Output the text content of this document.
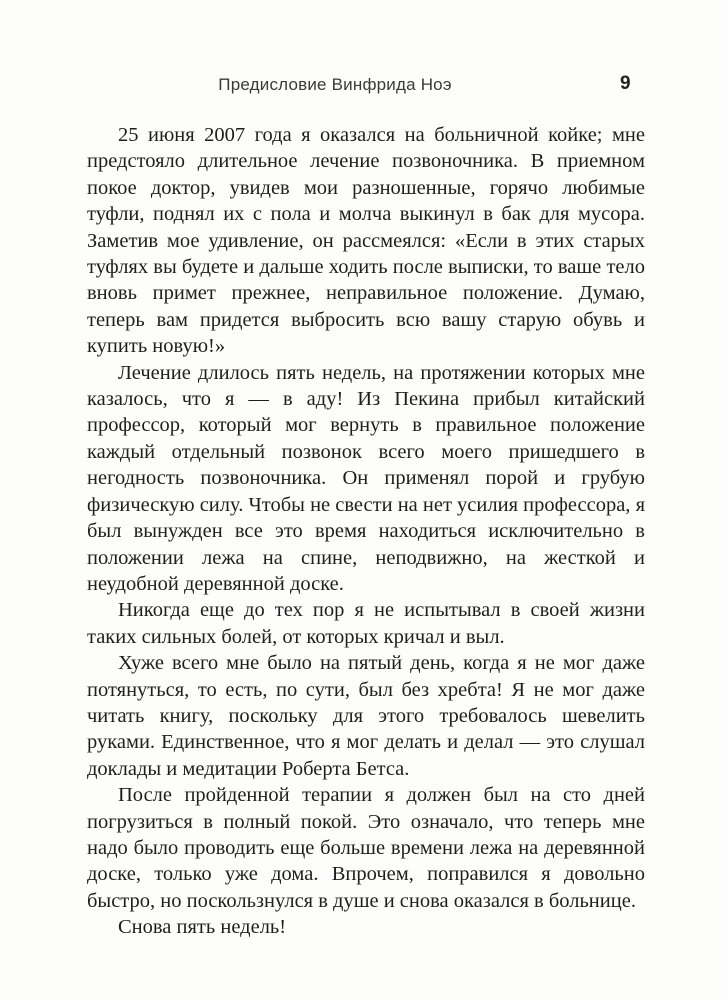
Предисловие Винфрида Ноэ	9

25 июня 2007 года я оказался на больничной койке; мне предстояло длительное лечение позвоночника. В приемном покое доктор, увидев мои разношенные, горячо любимые туфли, поднял их с пола и молча выкинул в бак для мусора. Заметив мое удивление, он рассмеялся: «Если в этих старых туфлях вы будете и дальше ходить после выписки, то ваше тело вновь примет прежнее, неправильное положение. Думаю, теперь вам придется выбросить всю вашу старую обувь и купить новую!»

Лечение длилось пять недель, на протяжении которых мне казалось, что я — в аду! Из Пекина прибыл китайский профессор, который мог вернуть в правильное положение каждый отдельный позвонок всего моего пришедшего в негодность позвоночника. Он применял порой и грубую физическую силу. Чтобы не свести на нет усилия профессора, я был вынужден все это время находиться исключительно в положении лежа на спине, неподвижно, на жесткой и неудобной деревянной доске.

Никогда еще до тех пор я не испытывал в своей жизни таких сильных болей, от которых кричал и выл.

Хуже всего мне было на пятый день, когда я не мог даже потянуться, то есть, по сути, был без хребта! Я не мог даже читать книгу, поскольку для этого требовалось шевелить руками. Единственное, что я мог делать и делал — это слушал доклады и медитации Роберта Бетса.

После пройденной терапии я должен был на сто дней погрузиться в полный покой. Это означало, что теперь мне надо было проводить еще больше времени лежа на деревянной доске, только уже дома. Впрочем, поправился я довольно быстро, но поскользнулся в душе и снова оказался в больнице.

Снова пять недель!
